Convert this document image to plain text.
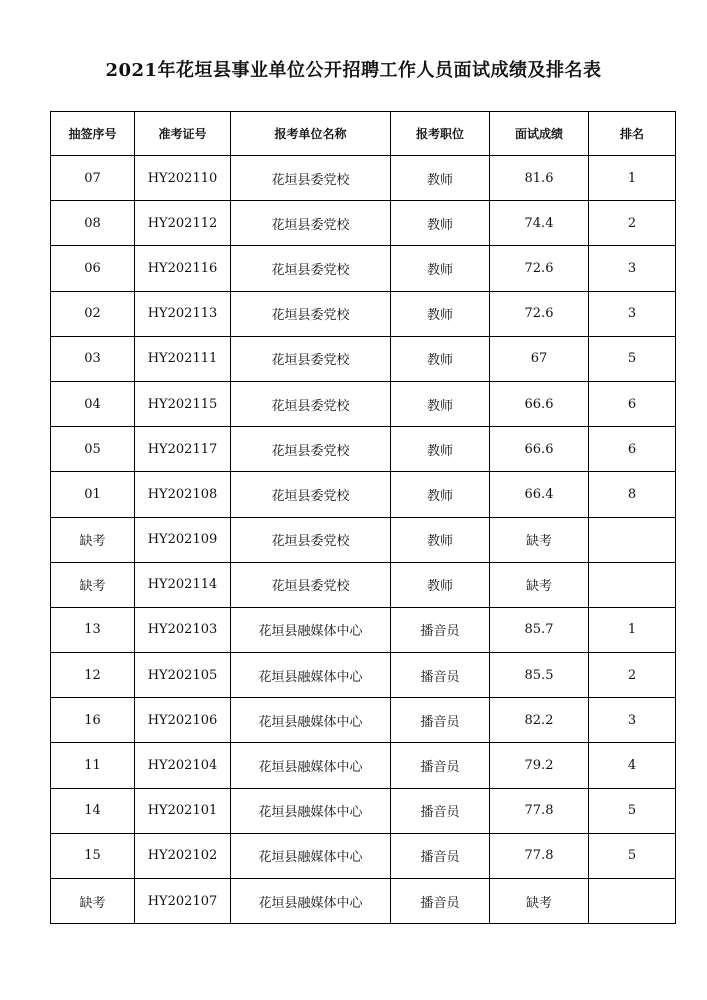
2021年花垣县事业单位公开招聘工作人员面试成绩及排名表
抽签序号	准考证号	报考单位名称	报考职位	面试成绩	排名
07	HY202110	花垣县委党校	教师	81.6	1
08	HY202112	花垣县委党校	教师	74.4	2
06	HY202116	花垣县委党校	教师	72.6	3
02	HY202113	花垣县委党校	教师	72.6	3
03	HY202111	花垣县委党校	教师	67	5
04	HY202115	花垣县委党校	教师	66.6	6
05	HY202117	花垣县委党校	教师	66.6	6
01	HY202108	花垣县委党校	教师	66.4	8
缺考	HY202109	花垣县委党校	教师	缺考	
缺考	HY202114	花垣县委党校	教师	缺考	
13	HY202103	花垣县融媒体中心	播音员	85.7	1
12	HY202105	花垣县融媒体中心	播音员	85.5	2
16	HY202106	花垣县融媒体中心	播音员	82.2	3
11	HY202104	花垣县融媒体中心	播音员	79.2	4
14	HY202101	花垣县融媒体中心	播音员	77.8	5
15	HY202102	花垣县融媒体中心	播音员	77.8	5
缺考	HY202107	花垣县融媒体中心	播音员	缺考	
